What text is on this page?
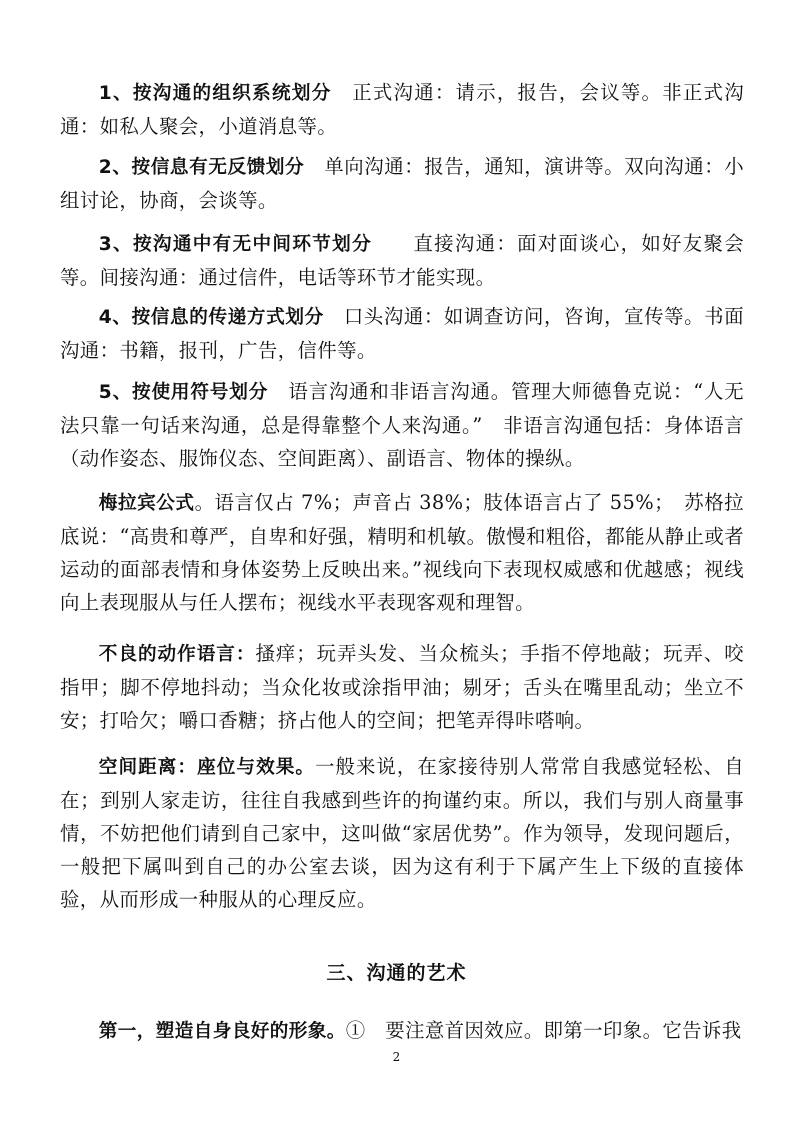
1、按沟通的组织系统划分　正式沟通：请示，报告，会议等。非正式沟通：如私人聚会，小道消息等。

2、按信息有无反馈划分　单向沟通：报告，通知，演讲等。双向沟通：小组讨论，协商，会谈等。

3、按沟通中有无中间环节划分　　直接沟通：面对面谈心，如好友聚会等。间接沟通：通过信件，电话等环节才能实现。

4、按信息的传递方式划分　口头沟通：如调查访问，咨询，宣传等。书面沟通：书籍，报刊，广告，信件等。

5、按使用符号划分　语言沟通和非语言沟通。管理大师德鲁克说：“人无法只靠一句话来沟通，总是得靠整个人来沟通。”　非语言沟通包括：身体语言（动作姿态、服饰仪态、空间距离）、副语言、物体的操纵。

梅拉宾公式。语言仅占 7%；声音占 38%；肢体语言占了 55%；　苏格拉底说：“高贵和尊严，自卑和好强，精明和机敏。傲慢和粗俗，都能从静止或者运动的面部表情和身体姿势上反映出来。”视线向下表现权威感和优越感；视线向上表现服从与任人摆布；视线水平表现客观和理智。

不良的动作语言：搔痒；玩弄头发、当众梳头；手指不停地敲；玩弄、咬指甲；脚不停地抖动；当众化妆或涂指甲油；剔牙；舌头在嘴里乱动；坐立不安；打哈欠；嚼口香糖；挤占他人的空间；把笔弄得咔嗒响。

空间距离：座位与效果。一般来说，在家接待别人常常自我感觉轻松、自在；到别人家走访，往往自我感到些许的拘谨约束。所以，我们与别人商量事情，不妨把他们请到自己家中，这叫做“家居优势”。作为领导，发现问题后，一般把下属叫到自己的办公室去谈，因为这有利于下属产生上下级的直接体验，从而形成一种服从的心理反应。

三、沟通的艺术

第一，塑造自身良好的形象。①　要注意首因效应。即第一印象。它告诉我

2
